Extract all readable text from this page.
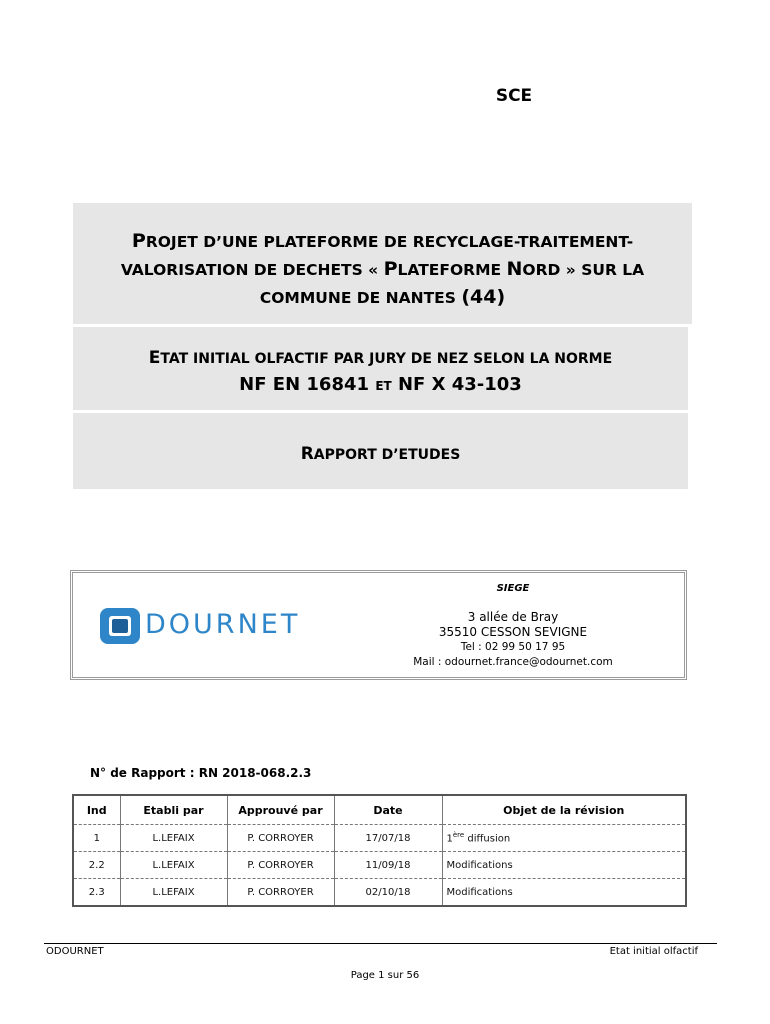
SCE
PROJET D’UNE PLATEFORME DE RECYCLAGE-TRAITEMENT-
VALORISATION DE DECHETS « PLATEFORME NORD » SUR LA
COMMUNE DE NANTES (44)
ETAT INITIAL OLFACTIF PAR JURY DE NEZ SELON LA NORME
NF EN 16841 ET NF X 43-103
RAPPORT D’ETUDES
DOURNET
SIEGE
3 allée de Bray
35510 CESSON SEVIGNE
Tel : 02 99 50 17 95
Mail : odournet.france@odournet.com
N° de Rapport : RN 2018-068.2.3
Ind	Etabli par	Approuvé par	Date	Objet de la révision
1	L.LEFAIX	P. CORROYER	17/07/18	1ère diffusion
2.2	L.LEFAIX	P. CORROYER	11/09/18	Modifications
2.3	L.LEFAIX	P. CORROYER	02/10/18	Modifications
ODOURNET	Etat initial olfactif
Page 1 sur 56
